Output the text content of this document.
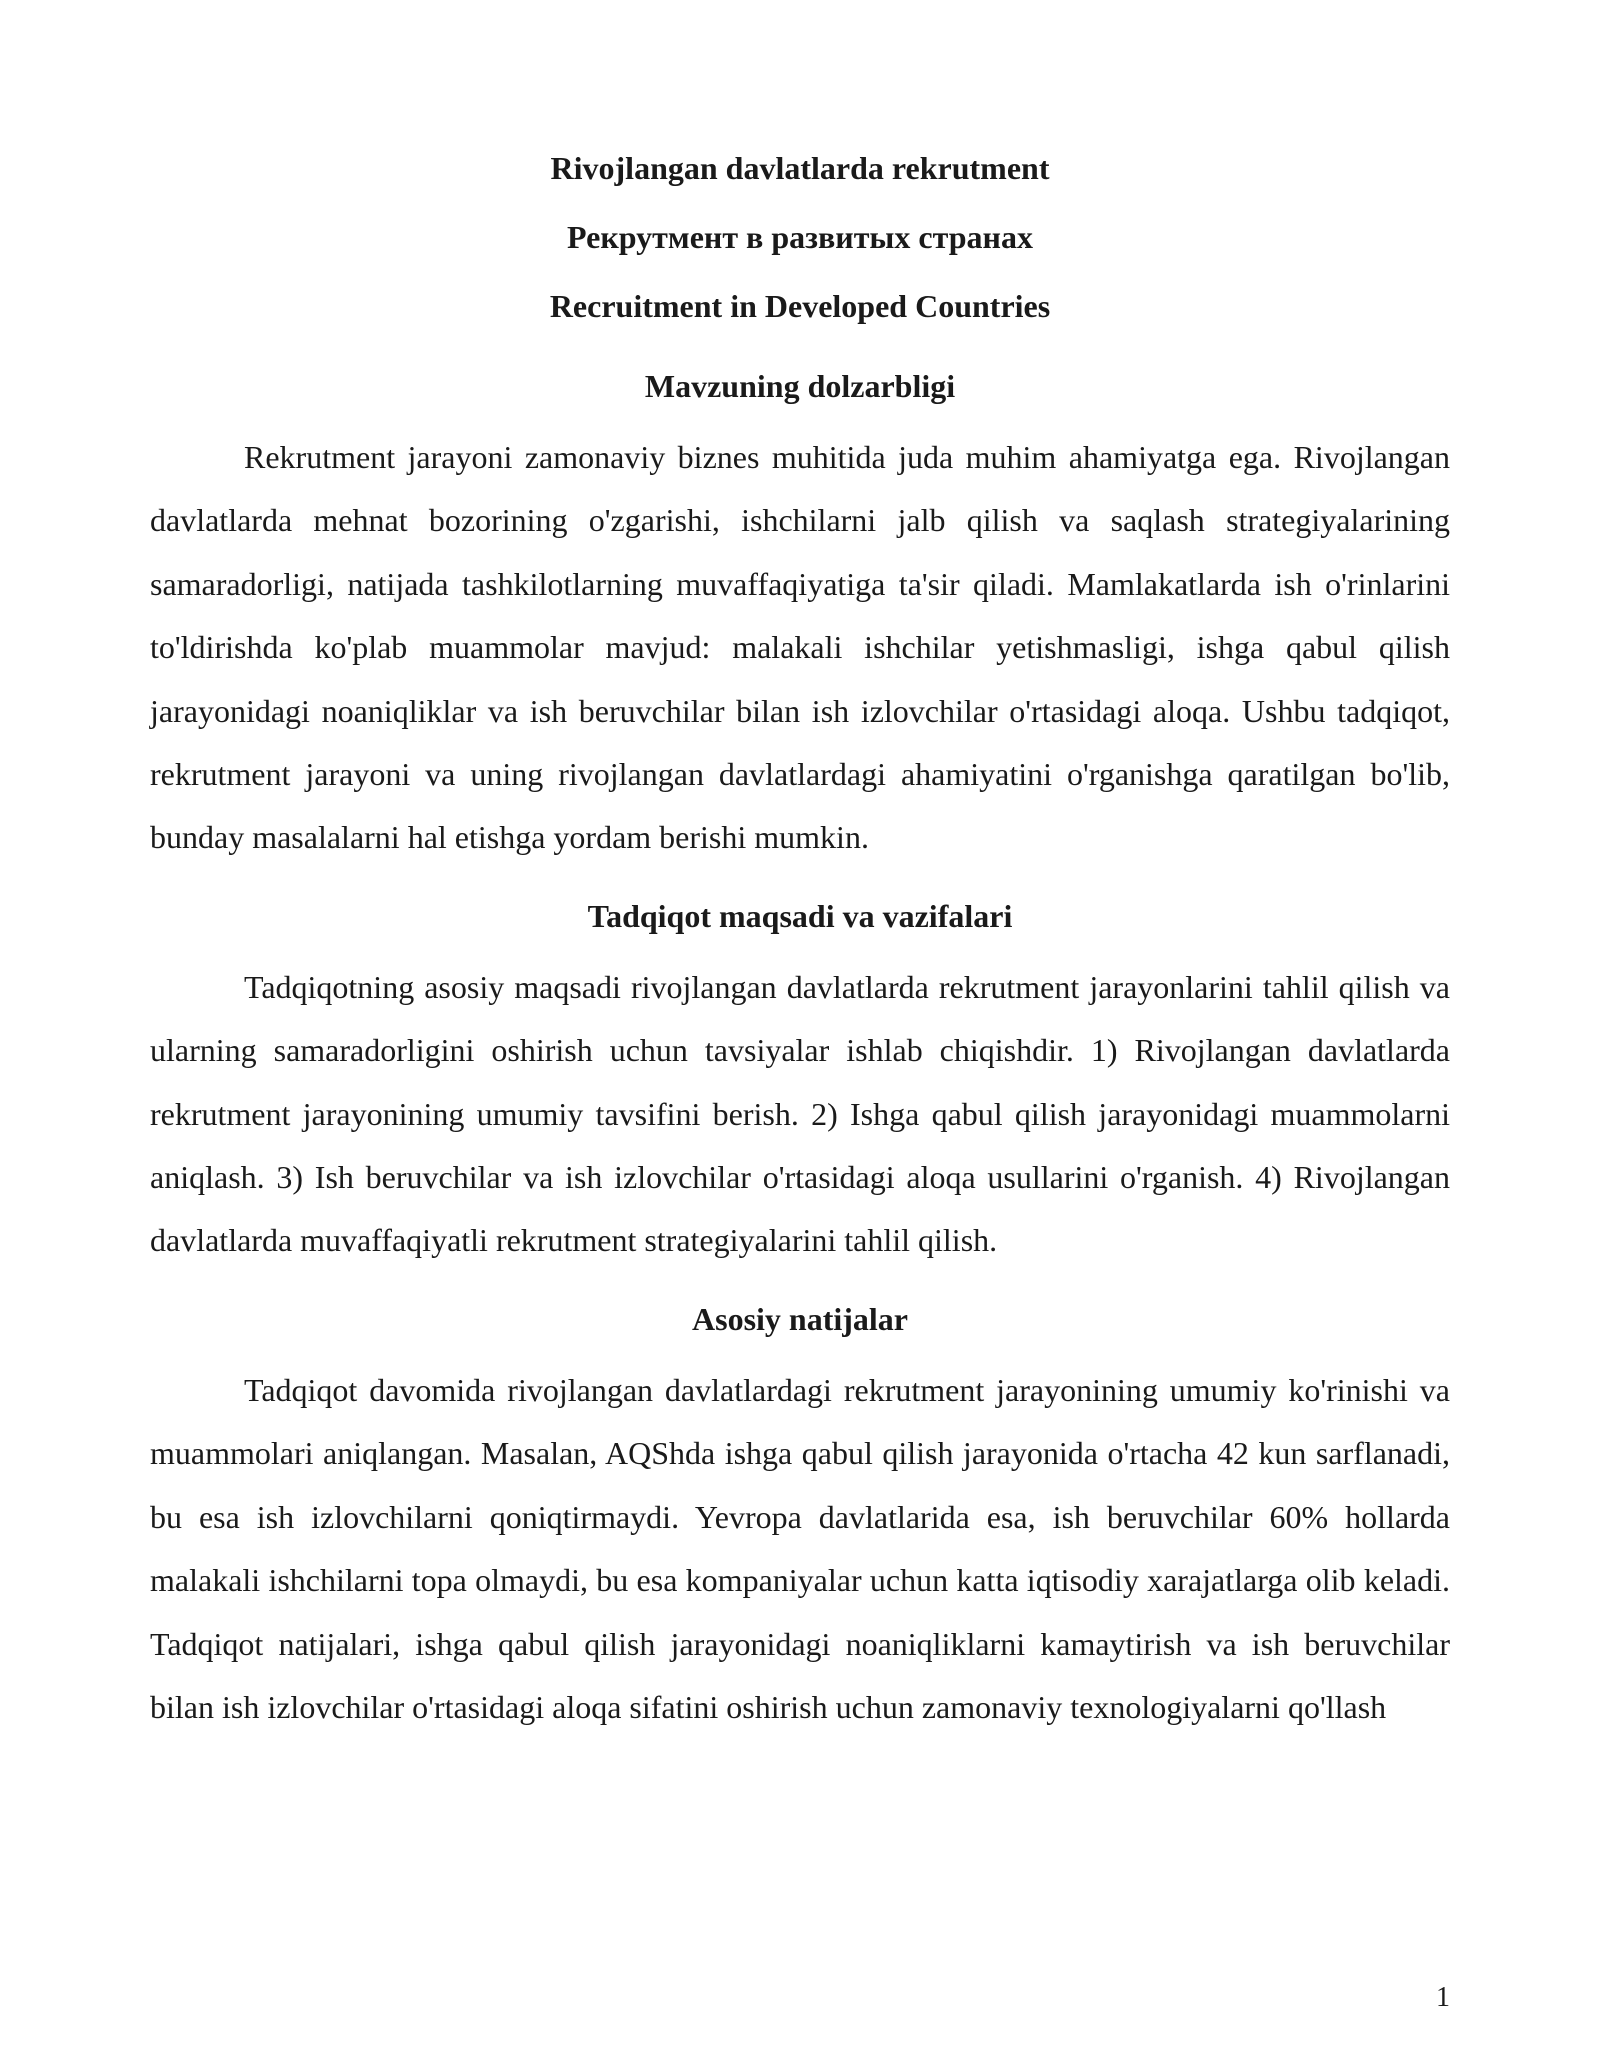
Rivojlangan davlatlarda rekrutment
Рекрутмент в развитых странах
Recruitment in Developed Countries
Mavzuning dolzarbligi

Rekrutment jarayoni zamonaviy biznes muhitida juda muhim ahamiyatga ega. Rivojlangan davlatlarda mehnat bozorining o'zgarishi, ishchilarni jalb qilish va saqlash strategiyalarining samaradorligi, natijada tashkilotlarning muvaffaqiyatiga ta'sir qiladi. Mamlakatlarda ish o'rinlarini to'ldirishda ko'plab muammolar mavjud: malakali ishchilar yetishmasligi, ishga qabul qilish jarayonidagi noaniqliklar va ish beruvchilar bilan ish izlovchilar o'rtasidagi aloqa. Ushbu tadqiqot, rekrutment jarayoni va uning rivojlangan davlatlardagi ahamiyatini o'rganishga qaratilgan bo'lib, bunday masalalarni hal etishga yordam berishi mumkin.

Tadqiqot maqsadi va vazifalari

Tadqiqotning asosiy maqsadi rivojlangan davlatlarda rekrutment jarayonlarini tahlil qilish va ularning samaradorligini oshirish uchun tavsiyalar ishlab chiqishdir. 1) Rivojlangan davlatlarda rekrutment jarayonining umumiy tavsifini berish. 2) Ishga qabul qilish jarayonidagi muammolarni aniqlash. 3) Ish beruvchilar va ish izlovchilar o'rtasidagi aloqa usullarini o'rganish. 4) Rivojlangan davlatlarda muvaffaqiyatli rekrutment strategiyalarini tahlil qilish.

Asosiy natijalar

Tadqiqot davomida rivojlangan davlatlardagi rekrutment jarayonining umumiy ko'rinishi va muammolari aniqlangan. Masalan, AQShda ishga qabul qilish jarayonida o'rtacha 42 kun sarflanadi, bu esa ish izlovchilarni qoniqtirmaydi. Yevropa davlatlarida esa, ish beruvchilar 60% hollarda malakali ishchilarni topa olmaydi, bu esa kompaniyalar uchun katta iqtisodiy xarajatlarga olib keladi. Tadqiqot natijalari, ishga qabul qilish jarayonidagi noaniqliklarni kamaytirish va ish beruvchilar bilan ish izlovchilar o'rtasidagi aloqa sifatini oshirish uchun zamonaviy texnologiyalarni qo'llash

1
